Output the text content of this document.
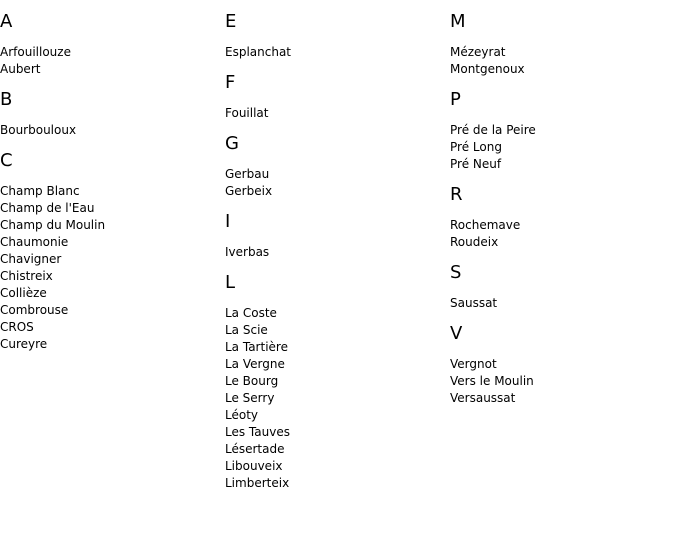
A
Arfouillouze
Aubert
B
Bourbouloux
C
Champ Blanc
Champ de l'Eau
Champ du Moulin
Chaumonie
Chavigner
Chistreix
Collièze
Combrouse
CROS
Cureyre
E
Esplanchat
F
Fouillat
G
Gerbau
Gerbeix
I
Iverbas
L
La Coste
La Scie
La Tartière
La Vergne
Le Bourg
Le Serry
Léoty
Les Tauves
Lésertade
Libouveix
Limberteix
M
Mézeyrat
Montgenoux
P
Pré de la Peire
Pré Long
Pré Neuf
R
Rochemave
Roudeix
S
Saussat
V
Vergnot
Vers le Moulin
Versaussat
